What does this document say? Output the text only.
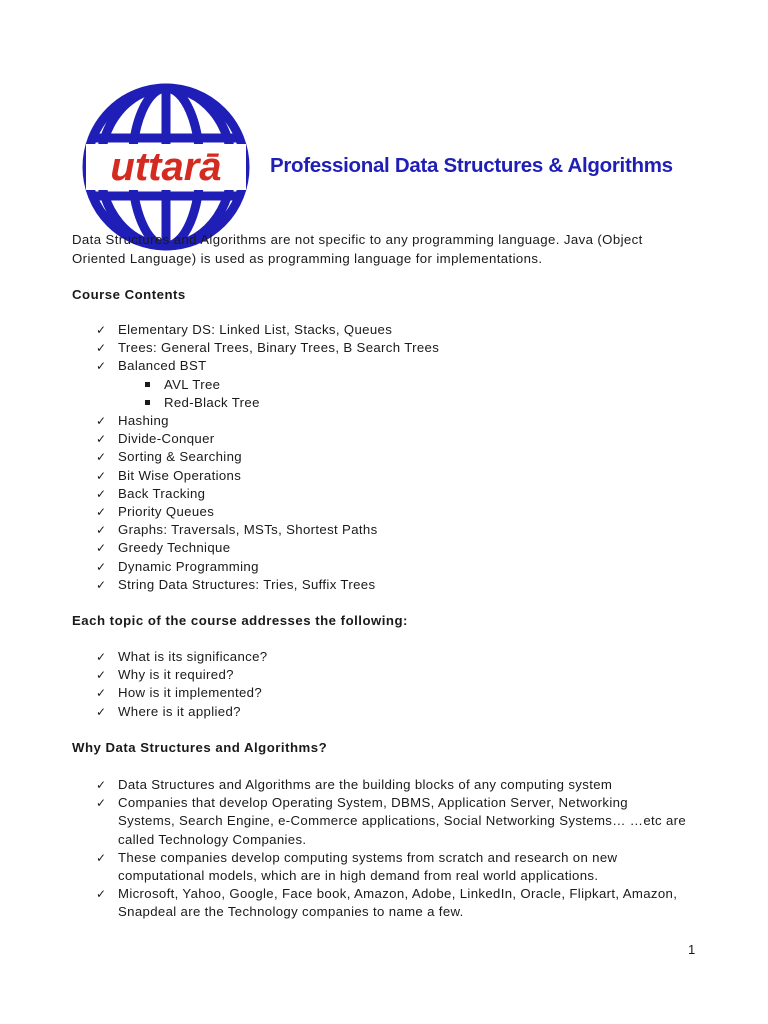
uttarā Professional Data Structures & Algorithms

Data Structures and Algorithms are not specific to any programming language. Java (Object

Oriented Language) is used as programming language for implementations.

Course Contents
✓ Elementary DS: Linked List, Stacks, Queues
✓ Trees: General Trees, Binary Trees, B Search Trees
✓ Balanced BST
AVL Tree
Red-Black Tree
✓ Hashing
✓ Divide-Conquer
✓ Sorting & Searching
✓ Bit Wise Operations
✓ Back Tracking
✓ Priority Queues
✓ Graphs: Traversals, MSTs, Shortest Paths
✓ Greedy Technique
✓ Dynamic Programming
✓ String Data Structures: Tries, Suffix Trees
Each topic of the course addresses the following:
✓ What is its significance?
✓ Why is it required?
✓ How is it implemented?
✓ Where is it applied?
Why Data Structures and Algorithms?
✓ Data Structures and Algorithms are the building blocks of any computing system
✓ Companies that develop Operating System, DBMS, Application Server, Networking
Systems, Search Engine, e-Commerce applications, Social Networking Systems… …etc are
called Technology Companies.
✓ These companies develop computing systems from scratch and research on new
computational models, which are in high demand from real world applications.
✓ Microsoft, Yahoo, Google, Face book, Amazon, Adobe, LinkedIn, Oracle, Flipkart, Amazon,
Snapdeal are the Technology companies to name a few.
1
